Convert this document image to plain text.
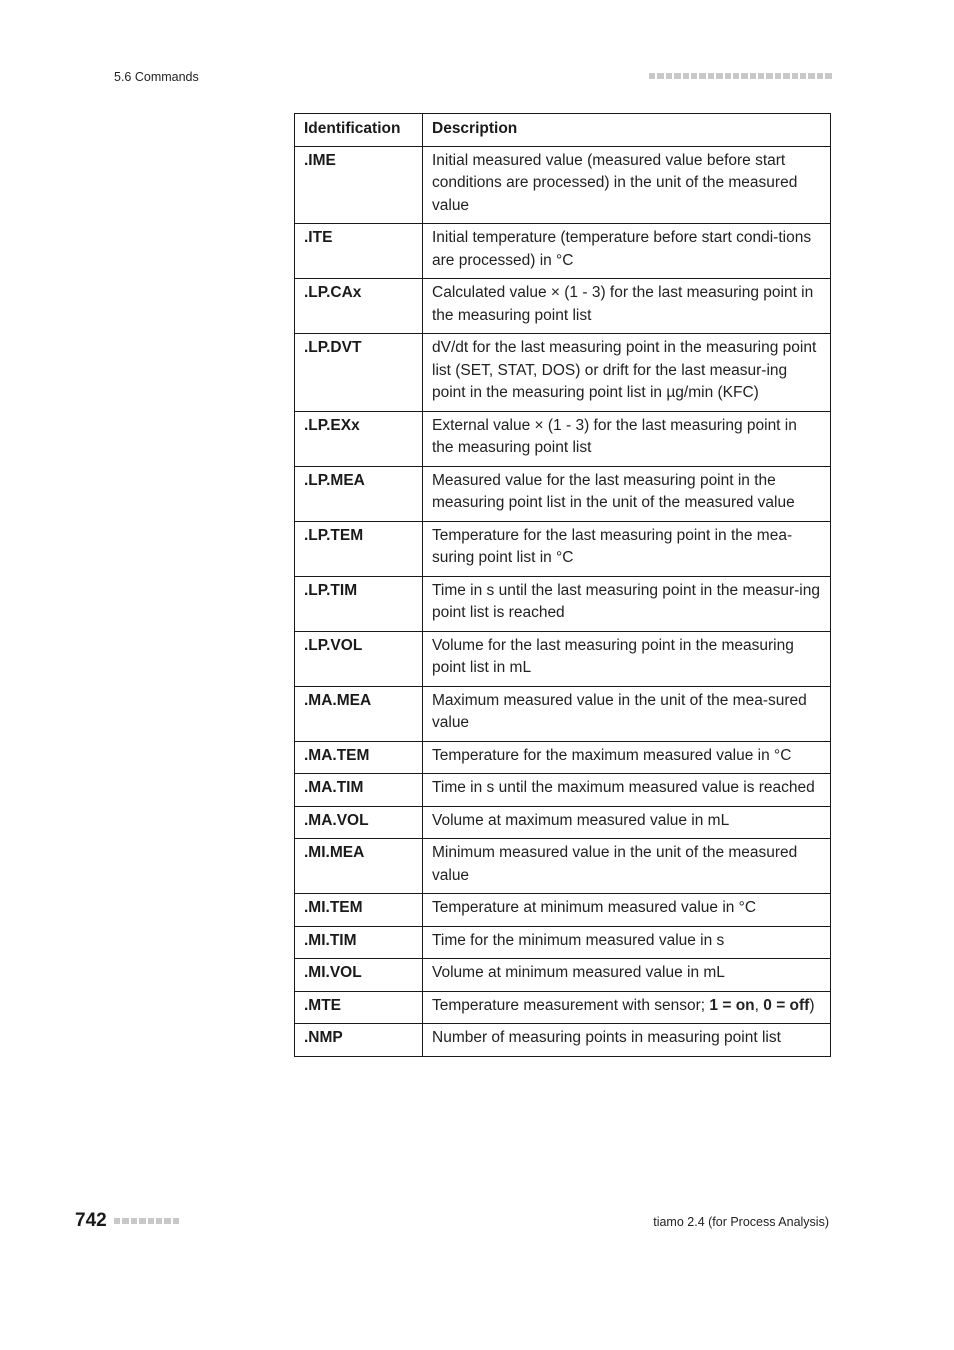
5.6 Commands
Identification	Description
.IME	Initial measured value (measured value before start conditions are processed) in the unit of the measured value
.ITE	Initial temperature (temperature before start condi-tions are processed) in °C
.LP.CAx	Calculated value × (1 - 3) for the last measuring point in the measuring point list
.LP.DVT	dV/dt for the last measuring point in the measuring point list (SET, STAT, DOS) or drift for the last measur-ing point in the measuring point list in µg/min (KFC)
.LP.EXx	External value × (1 - 3) for the last measuring point in the measuring point list
.LP.MEA	Measured value for the last measuring point in the measuring point list in the unit of the measured value
.LP.TEM	Temperature for the last measuring point in the mea-suring point list in °C
.LP.TIM	Time in s until the last measuring point in the measur-ing point list is reached
.LP.VOL	Volume for the last measuring point in the measuring point list in mL
.MA.MEA	Maximum measured value in the unit of the mea-sured value
.MA.TEM	Temperature for the maximum measured value in °C
.MA.TIM	Time in s until the maximum measured value is reached
.MA.VOL	Volume at maximum measured value in mL
.MI.MEA	Minimum measured value in the unit of the measured value
.MI.TEM	Temperature at minimum measured value in °C
.MI.TIM	Time for the minimum measured value in s
.MI.VOL	Volume at minimum measured value in mL
.MTE	Temperature measurement with sensor; 1 = on, 0 = off)
.NMP	Number of measuring points in measuring point list
742	tiamo 2.4 (for Process Analysis)
